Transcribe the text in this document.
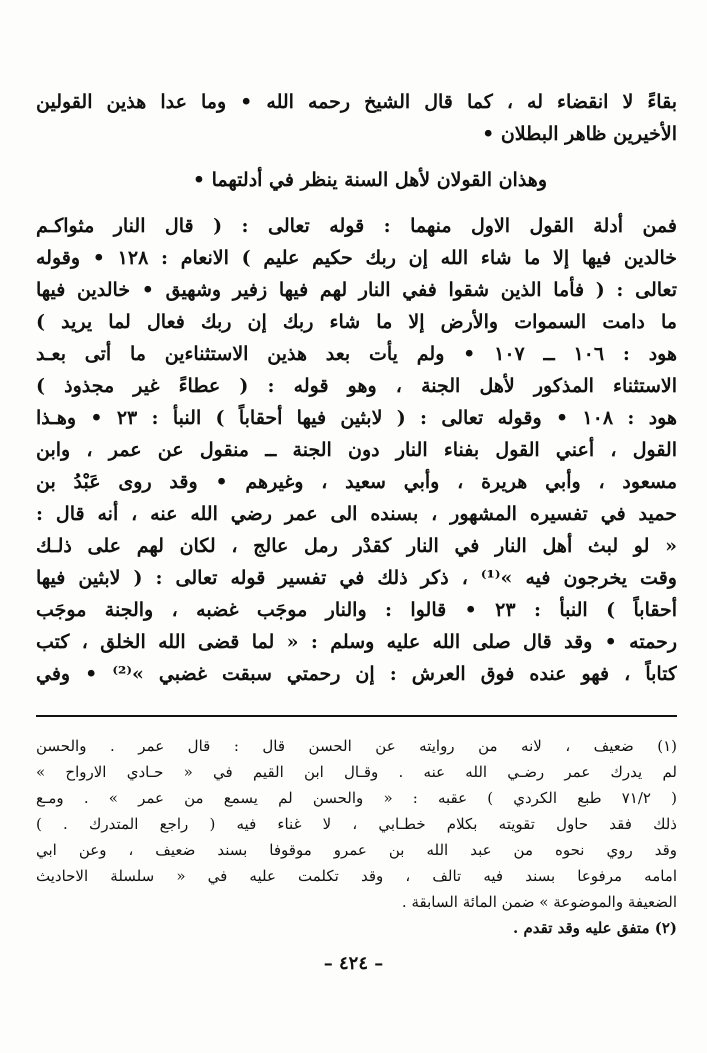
بقاءً لا انقضاء له ، كما قال الشيخ رحمه الله • وما عدا هذين القولين
الأخيرين ظاهر البطلان •
وهذان القولان لأهل السنة ينظر في أدلتهما •
فمن أدلة القول الاول منهما : قوله تعالى : ( قال النار مثواكـم
خالدين فيها إلا ما شاء الله إن ربك حكيم عليم ) الانعام : ١٢٨ • وقوله
تعالى : ( فأما الذين شقوا ففي النار لهم فيها زفير وشهيق • خالدين فيها
ما دامت السموات والأرض إلا ما شاء ربك إن ربك فعال لما يريد )
هود : ١٠٦ ــ ١٠٧ • ولم يأت بعد هذين الاستثناءين ما أتى بعـد
الاستثناء المذكور لأهل الجنة ، وهو قوله : ( عطاءً غير مجذوذ )
هود : ١٠٨ • وقوله تعالى : ( لابثين فيها أحقاباً ) النبأ : ٢٣ • وهـذا
القول ، أعني القول بفناء النار دون الجنة ــ منقول عن عمر ، وابن
مسعود ، وأبي هريرة ، وأبي سعيد ، وغيرهم • وقد روى عَبْدُ بن
حميد في تفسيره المشهور ، بسنده الى عمر رضي الله عنه ، أنه قال :
« لو لبث أهل النار في النار كقدْر رمل عالج ، لكان لهم على ذلـك
وقت يخرجون فيه »⁽¹⁾ ، ذكر ذلك في تفسير قوله تعالى : ( لابثين فيها
أحقاباً ) النبأ : ٢٣ • قالوا : والنار موجَب غضبه ، والجنة موجَب
رحمته • وقد قال صلى الله عليه وسلم : « لما قضى الله الخلق ، كتب
كتاباً ، فهو عنده فوق العرش : إن رحمتي سبقت غضبي »⁽²⁾ • وفي
(١) ضعيف ، لانه من روايته عن الحسن قال : قال عمر . والحسن
لم يدرك عمر رضـي الله عنه . وقـال ابن القيم في « حـادي الارواح »
( ٧١/٢ طبع الكردي ) عقبه : « والحسن لم يسمع من عمر » . ومـع
ذلك فقد حاول تقويته بكلام خطـابي ، لا غناء فيه ( راجع المتدرك . )
وقد روي نحوه من عبد الله بن عمرو موقوفا بسند ضعيف ، وعن ابي
امامه مرفوعا بسند فيه تالف ، وقد تكلمت عليه في « سلسلة الاحاديث
الضعيفة والموضوعة » ضمن المائة السابقة .
(٢) متفق عليه وقد تقدم .
– ٤٢٤ –
